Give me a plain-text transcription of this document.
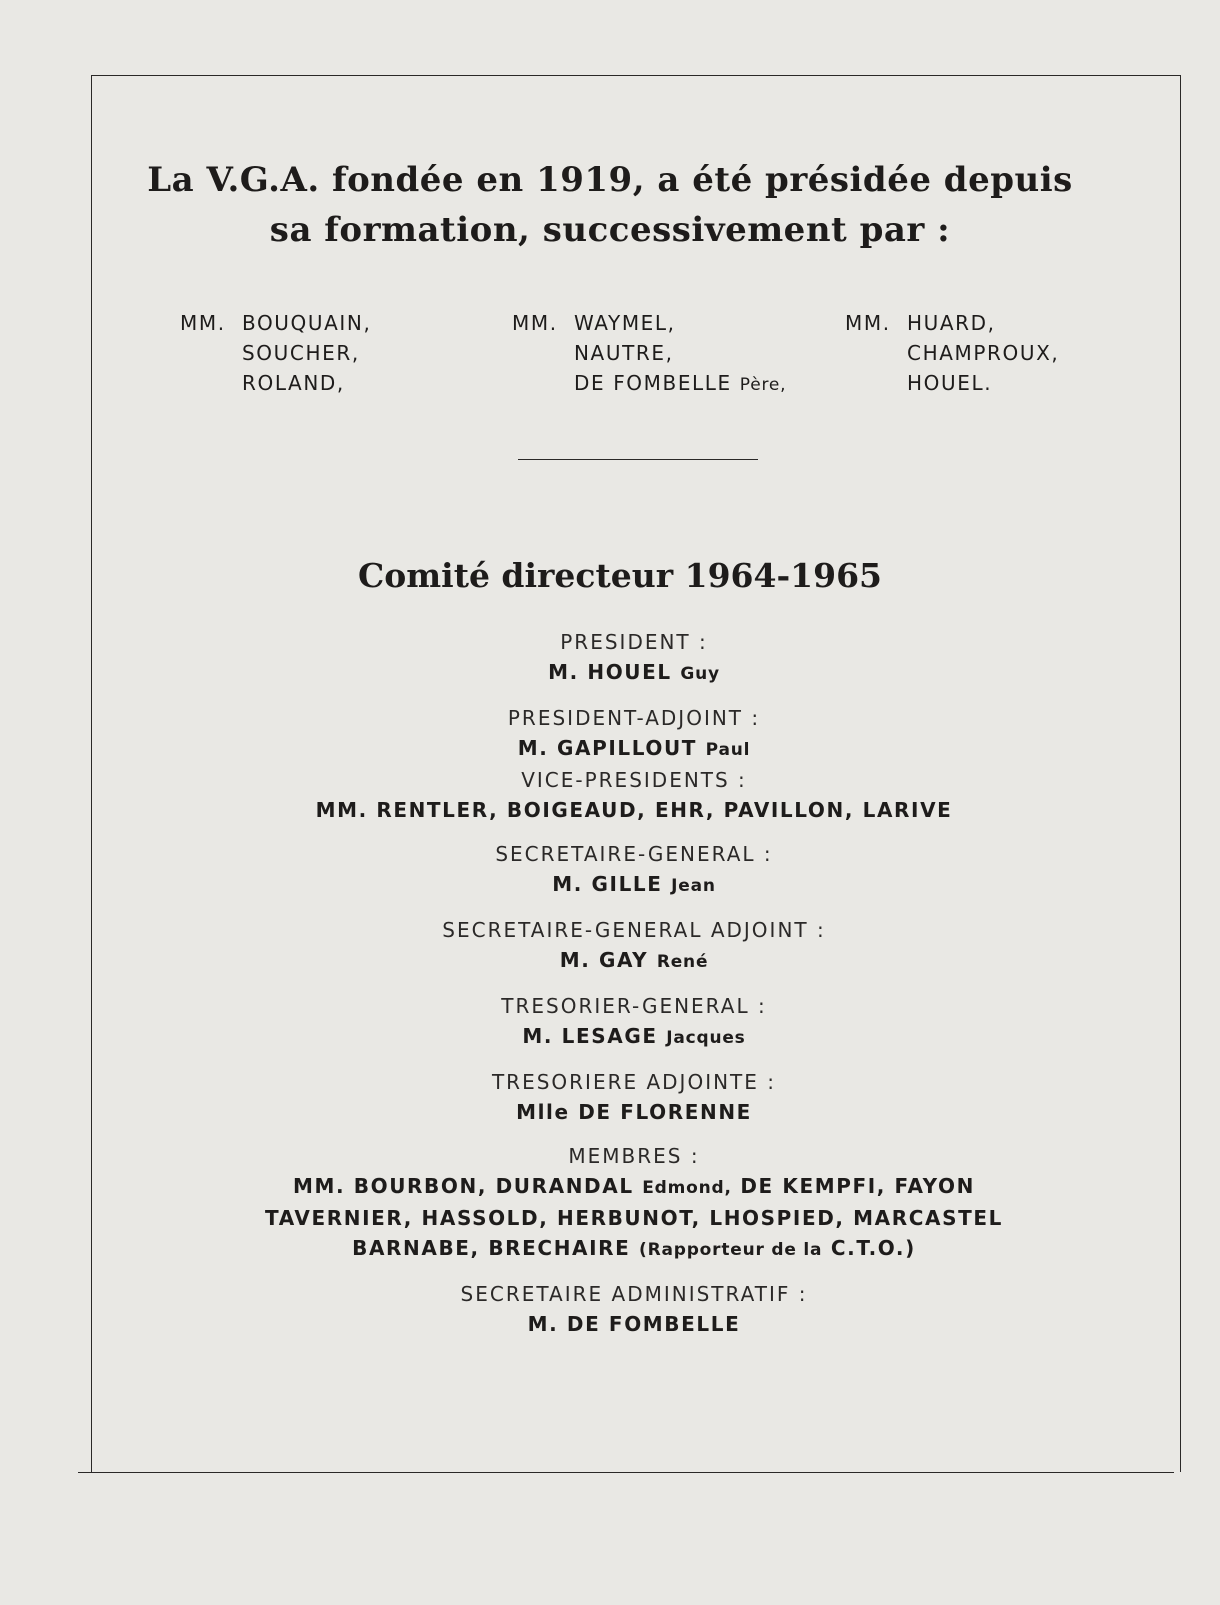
La V.G.A. fondée en 1919, a été présidée depuis
sa formation, successivement par :
MM. BOUQUAIN,
SOUCHER,
ROLAND,
MM. WAYMEL,
NAUTRE,
DE FOMBELLE Père,
MM. HUARD,
CHAMPROUX,
HOUEL.
Comité directeur 1964-1965
PRESIDENT :
M. HOUEL Guy
PRESIDENT-ADJOINT :
M. GAPILLOUT Paul
VICE-PRESIDENTS :
MM. RENTLER, BOIGEAUD, EHR, PAVILLON, LARIVE
SECRETAIRE-GENERAL :
M. GILLE Jean
SECRETAIRE-GENERAL ADJOINT :
M. GAY René
TRESORIER-GENERAL :
M. LESAGE Jacques
TRESORIERE ADJOINTE :
Mlle DE FLORENNE
MEMBRES :
MM. BOURBON, DURANDAL Edmond, DE KEMPFI, FAYON
TAVERNIER, HASSOLD, HERBUNOT, LHOSPIED, MARCASTEL
BARNABE, BRECHAIRE (Rapporteur de la C.T.O.)
SECRETAIRE ADMINISTRATIF :
M. DE FOMBELLE
